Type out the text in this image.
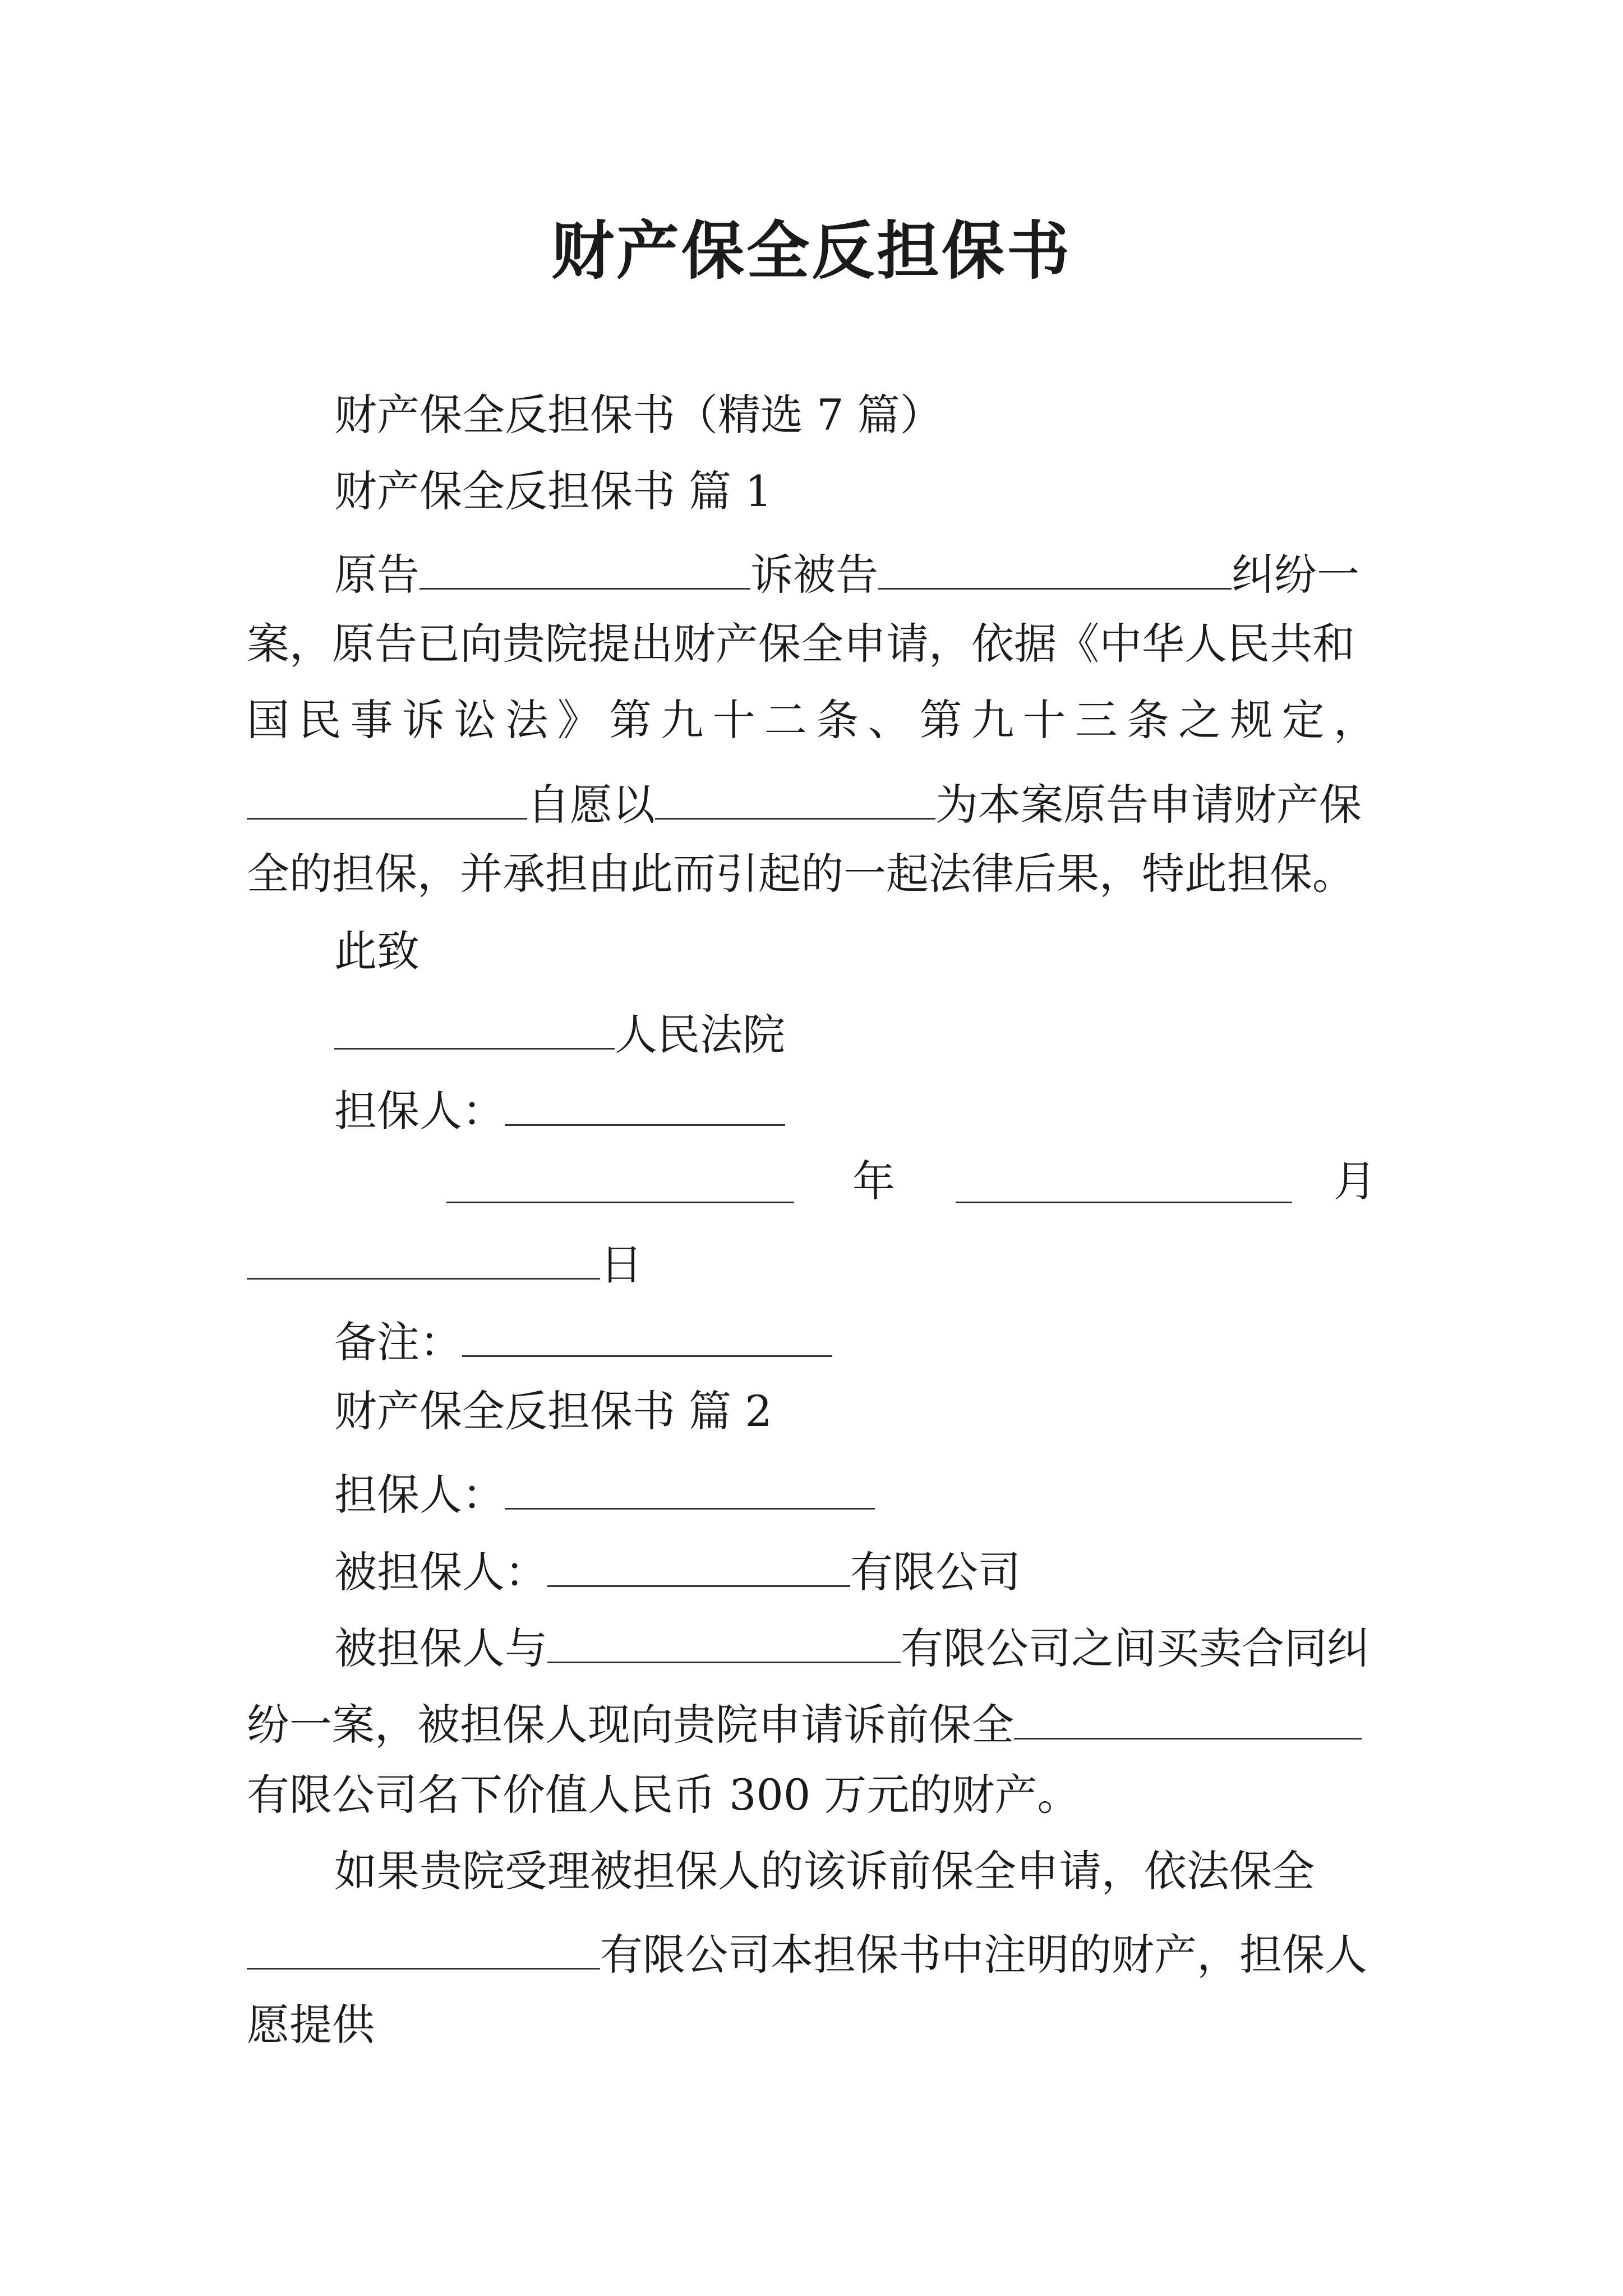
财产保全反担保书
财产保全反担保书（精选 7 篇）
财产保全反担保书 篇 1
原告	诉被告	纠纷一
案，原告已向贵院提出财产保全申请，依据《中华人民共和
国 民 事 诉 讼 法 》 第 九 十 二 条 、 第 九 十 三 条 之 规 定 ，
自愿以	为本案原告申请财产保
全的担保，并承担由此而引起的一起法律后果，特此担保。
此致
人民法院
担保人：
年	月
日
备注：
财产保全反担保书 篇 2
担保人：
被担保人：	有限公司
被担保人与	有限公司之间买卖合同纠
纷一案，被担保人现向贵院申请诉前保全
有限公司名下价值人民币 300 万元的财产。
如果贵院受理被担保人的该诉前保全申请，依法保全
有限公司本担保书中注明的财产，担保人
愿提供
